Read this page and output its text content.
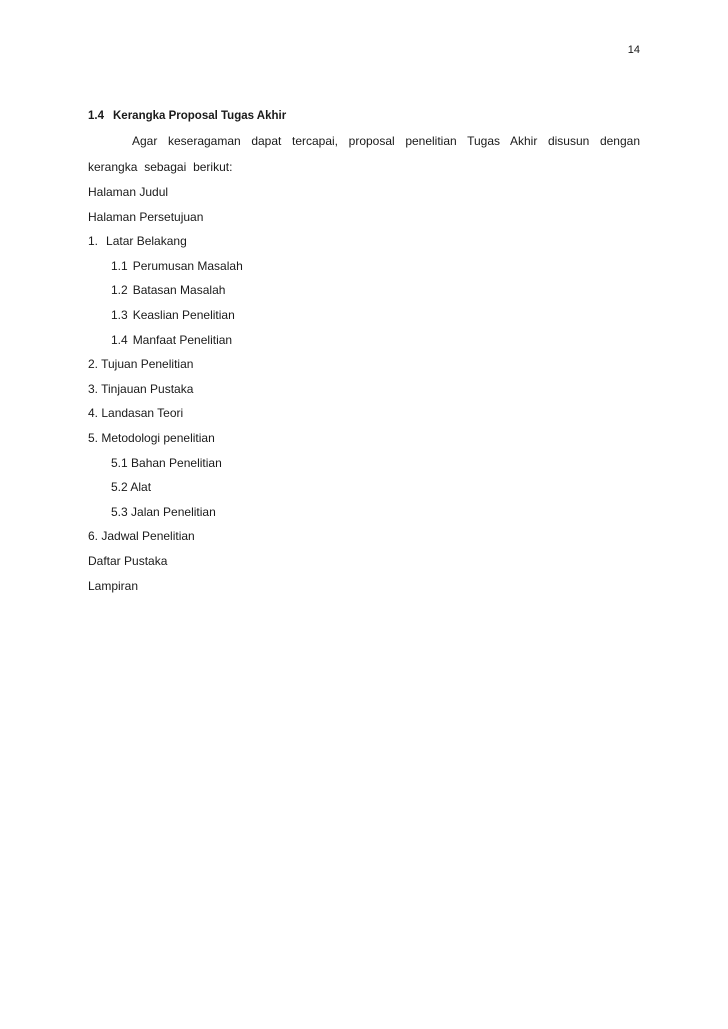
14
1.4 Kerangka Proposal Tugas Akhir
Agar keseragaman dapat tercapai, proposal penelitian Tugas Akhir disusun dengan kerangka sebagai berikut:
Halaman Judul
Halaman Persetujuan
1. Latar Belakang
1.1 Perumusan Masalah
1.2 Batasan Masalah
1.3 Keaslian Penelitian
1.4 Manfaat Penelitian
2. Tujuan Penelitian
3. Tinjauan Pustaka
4. Landasan Teori
5. Metodologi penelitian
5.1 Bahan Penelitian
5.2 Alat
5.3 Jalan Penelitian
6. Jadwal Penelitian
Daftar Pustaka
Lampiran
